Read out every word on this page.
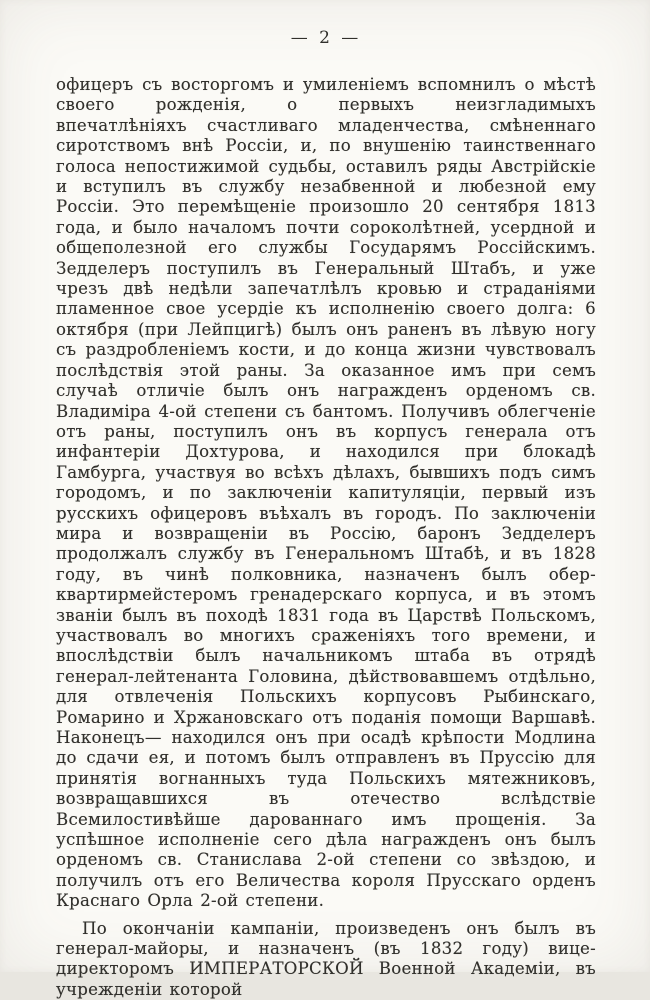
— 2 —

офицеръ съ восторгомъ и умиленіемъ вспомнилъ о мѣстѣ своего рожденія, о первыхъ неизгладимыхъ впечатлѣніяхъ счастливаго младенчества, смѣненнаго сиротствомъ внѣ Россіи, и, по внушенію таинственнаго голоса непостижимой судьбы, оставилъ ряды Австрійскіе и вступилъ въ службу незабвенной и любезной ему Россіи. Это перемѣщеніе произошло 20 сентября 1813 года, и было началомъ почти сороколѣтней, усердной и общеполезной его службы Государямъ Россійскимъ. Зедделеръ поступилъ въ Генеральный Штабъ, и уже чрезъ двѣ недѣли запечатлѣлъ кровью и страданіями пламенное свое усердіе къ исполненію своего долга: 6 октября (при Лейпцигѣ) былъ онъ раненъ въ лѣвую ногу съ раздробленіемъ кости, и до конца жизни чувствовалъ послѣдствія этой раны. За оказанное имъ при семъ случаѣ отличіе былъ онъ награжденъ орденомъ св. Владиміра 4-ой степени съ бантомъ. Получивъ облегченіе отъ раны, поступилъ онъ въ корпусъ генерала отъ инфантеріи Дохтурова, и находился при блокадѣ Гамбурга, участвуя во всѣхъ дѣлахъ, бывшихъ подъ симъ городомъ, и по заключеніи капитуляціи, первый изъ русскихъ офицеровъ въѣхалъ въ городъ. По заключеніи мира и возвращеніи въ Россію, баронъ Зедделеръ продолжалъ службу въ Генеральномъ Штабѣ, и въ 1828 году, въ чинѣ полковника, назначенъ былъ обер-квартирмейстеромъ гренадерскаго корпуса, и въ этомъ званіи былъ въ походѣ 1831 года въ Царствѣ Польскомъ, участвовалъ во многихъ сраженіяхъ того времени, и впослѣдствіи былъ начальникомъ штаба въ отрядѣ генерал-лейтенанта Головина, дѣйствовавшемъ отдѣльно, для отвлеченія Польскихъ корпусовъ Рыбинскаго, Ромарино и Хржановскаго отъ поданія помощи Варшавѣ. Наконецъ— находился онъ при осадѣ крѣпости Модлина до сдачи ея, и потомъ былъ отправленъ въ Пруссію для принятія вогнанныхъ туда Польскихъ мятежниковъ, возвращавшихся въ отечество вслѣдствіе Всемилостивѣйше дарованнаго имъ прощенія. За успѣшное исполненіе сего дѣла награжденъ онъ былъ орденомъ св. Станислава 2-ой степени со звѣздою, и получилъ отъ его Величества короля Прусскаго орденъ Краснаго Орла 2-ой степени.

По окончаніи кампаніи, произведенъ онъ былъ въ генерал-майоры, и назначенъ (въ 1832 году) вице-директоромъ ИМПЕРАТОРСКОЙ Военной Академіи, въ учрежденіи которой
